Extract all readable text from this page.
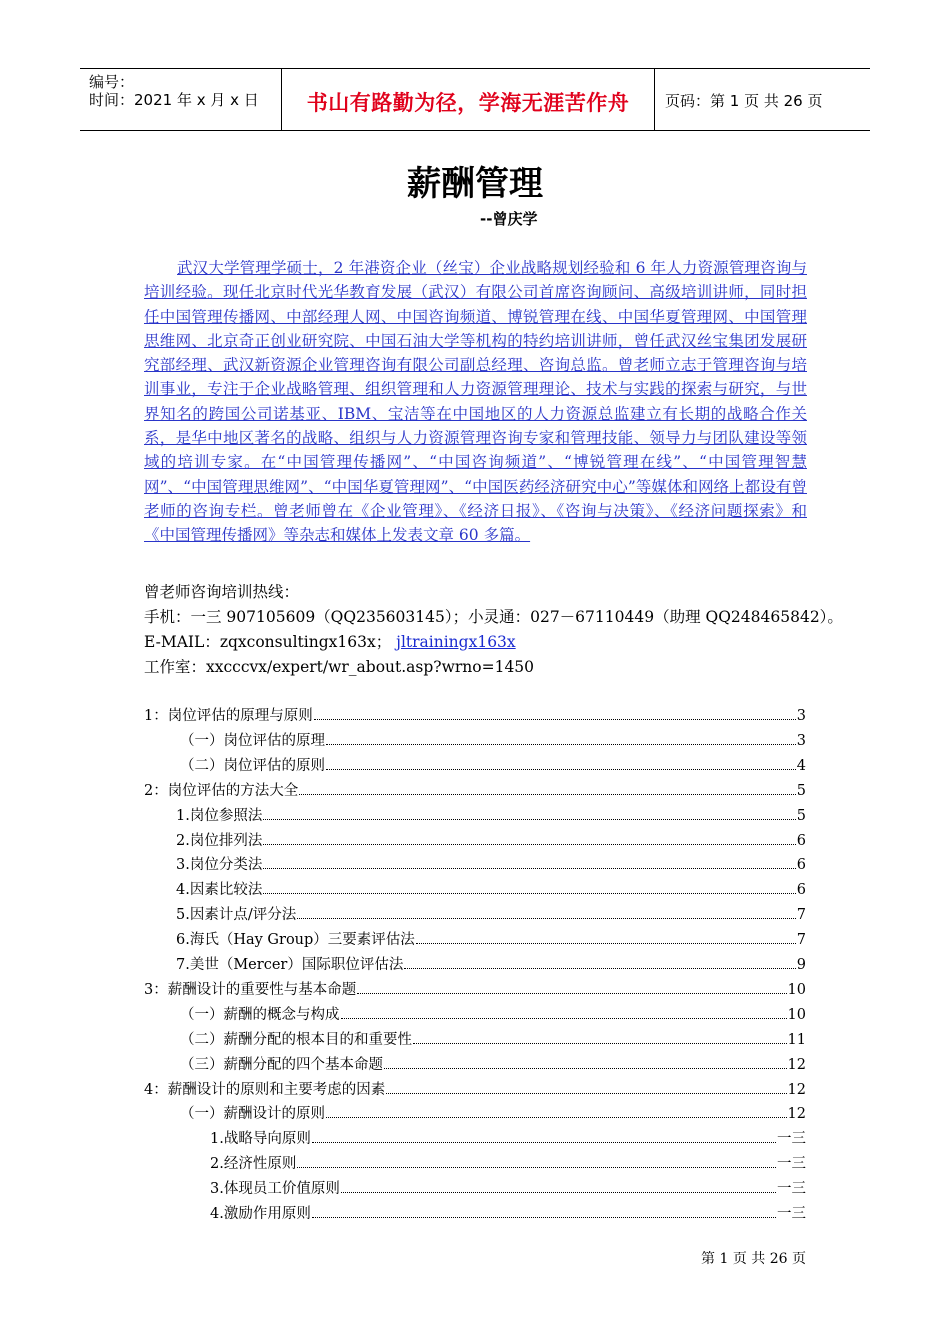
编号：
时间：2021 年 x 月 x 日	书山有路勤为径，学海无涯苦作舟	页码：第 1 页 共 26 页
薪酬管理
--曾庆学
武汉大学管理学硕士，2 年港资企业（丝宝）企业战略规划经验和 6 年人力资源管理咨询与培训经验。现任北京时代光华教育发展（武汉）有限公司首席咨询顾问、高级培训讲师，同时担任中国管理传播网、中部经理人网、中国咨询频道、博锐管理在线、中国华夏管理网、中国管理思维网、北京奇正创业研究院、中国石油大学等机构的特约培训讲师，曾任武汉丝宝集团发展研究部经理、武汉新资源企业管理咨询有限公司副总经理、咨询总监。曾老师立志于管理咨询与培训事业，专注于企业战略管理、组织管理和人力资源管理理论、技术与实践的探索与研究，与世界知名的跨国公司诺基亚、IBM、宝洁等在中国地区的人力资源总监建立有长期的战略合作关系，是华中地区著名的战略、组织与人力资源管理咨询专家和管理技能、领导力与团队建设等领域的培训专家。在“中国管理传播网”、“中国咨询频道”、“博锐管理在线”、“中国管理智慧网”、“中国管理思维网”、“中国华夏管理网”、“中国医药经济研究中心”等媒体和网络上都设有曾老师的咨询专栏。曾老师曾在《企业管理》、《经济日报》、《咨询与决策》、《经济问题探索》和《中国管理传播网》等杂志和媒体上发表文章 60 多篇。
曾老师咨询培训热线：
手机：一三 907105609（QQ235603145）；小灵通：027－67110449（助理 QQ248465842）。
E-MAIL：zqxconsultingx163x； jltrainingx163x
工作室：xxcccvx/expert/wr_about.asp?wrno=1450
1：岗位评估的原理与原则	3
（一）岗位评估的原理	3
（二）岗位评估的原则	4
2：岗位评估的方法大全	5
1.岗位参照法	5
2.岗位排列法	6
3.岗位分类法	6
4.因素比较法	6
5.因素计点/评分法	7
6.海氏（Hay Group）三要素评估法	7
7.美世（Mercer）国际职位评估法	9
3：薪酬设计的重要性与基本命题	10
（一）薪酬的概念与构成	10
（二）薪酬分配的根本目的和重要性	11
（三）薪酬分配的四个基本命题	12
4：薪酬设计的原则和主要考虑的因素	12
（一）薪酬设计的原则	12
1.战略导向原则	一三
2.经济性原则	一三
3.体现员工价值原则	一三
4.激励作用原则	一三
第 1 页 共 26 页
